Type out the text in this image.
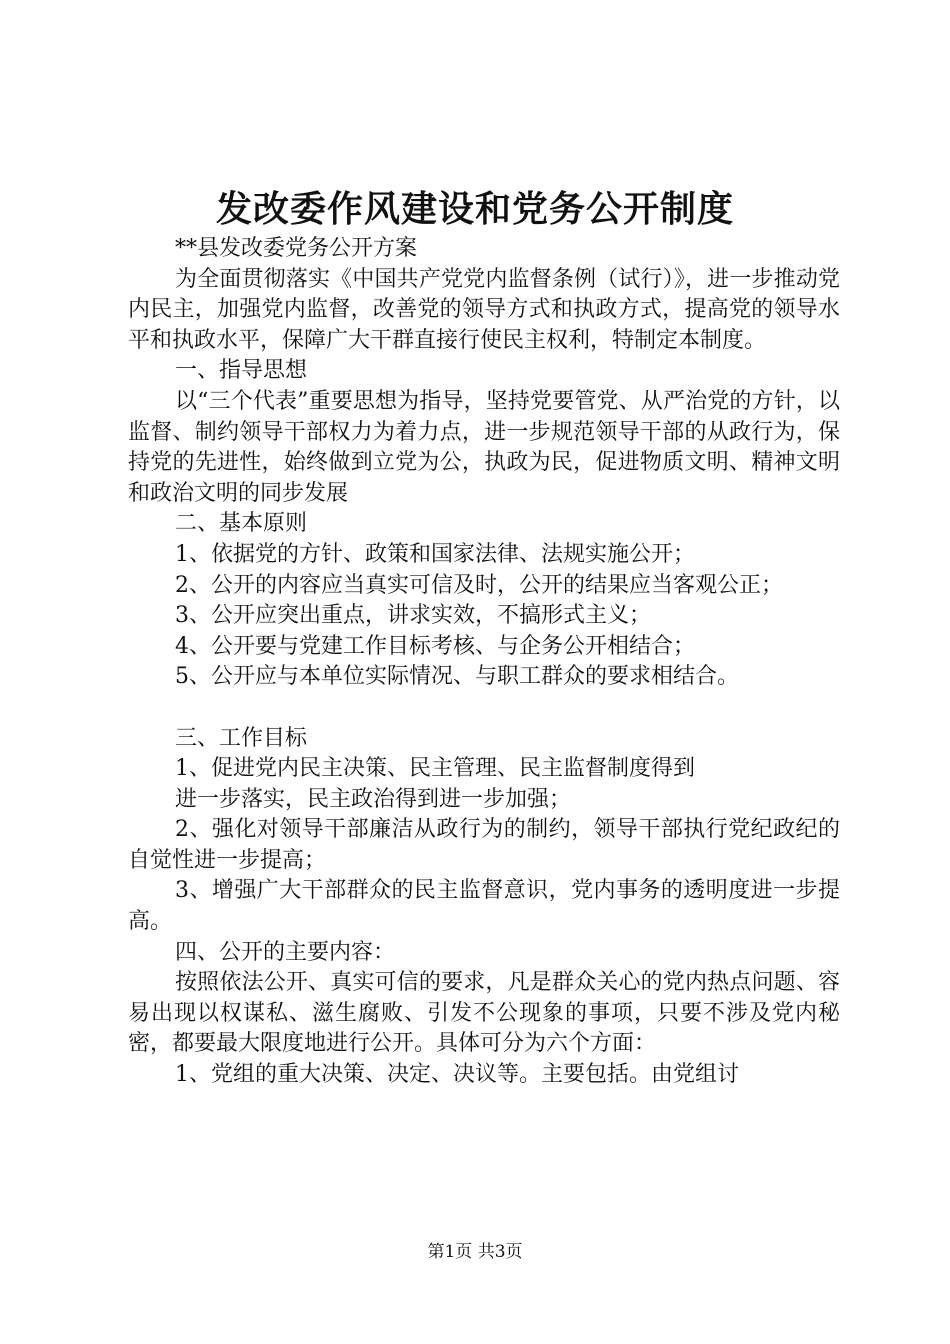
发改委作风建设和党务公开制度

**县发改委党务公开方案

为全面贯彻落实《中国共产党党内监督条例（试行）》，进一步推动党内民主，加强党内监督，改善党的领导方式和执政方式，提高党的领导水平和执政水平，保障广大干群直接行使民主权利，特制定本制度。

一、指导思想

以“三个代表”重要思想为指导，坚持党要管党、从严治党的方针，以监督、制约领导干部权力为着力点，进一步规范领导干部的从政行为，保持党的先进性，始终做到立党为公，执政为民，促进物质文明、精神文明和政治文明的同步发展

二、基本原则

1、依据党的方针、政策和国家法律、法规实施公开；

2、公开的内容应当真实可信及时，公开的结果应当客观公正；

3、公开应突出重点，讲求实效，不搞形式主义；

4、公开要与党建工作目标考核、与企务公开相结合；

5、公开应与本单位实际情况、与职工群众的要求相结合。

三、工作目标

1、促进党内民主决策、民主管理、民主监督制度得到

进一步落实，民主政治得到进一步加强；

2、强化对领导干部廉洁从政行为的制约，领导干部执行党纪政纪的自觉性进一步提高；

3、增强广大干部群众的民主监督意识，党内事务的透明度进一步提高。

四、公开的主要内容：

按照依法公开、真实可信的要求，凡是群众关心的党内热点问题、容易出现以权谋私、滋生腐败、引发不公现象的事项，只要不涉及党内秘密，都要最大限度地进行公开。具体可分为六个方面：

1、党组的重大决策、决定、决议等。主要包括。由党组讨

第1页 共3页
